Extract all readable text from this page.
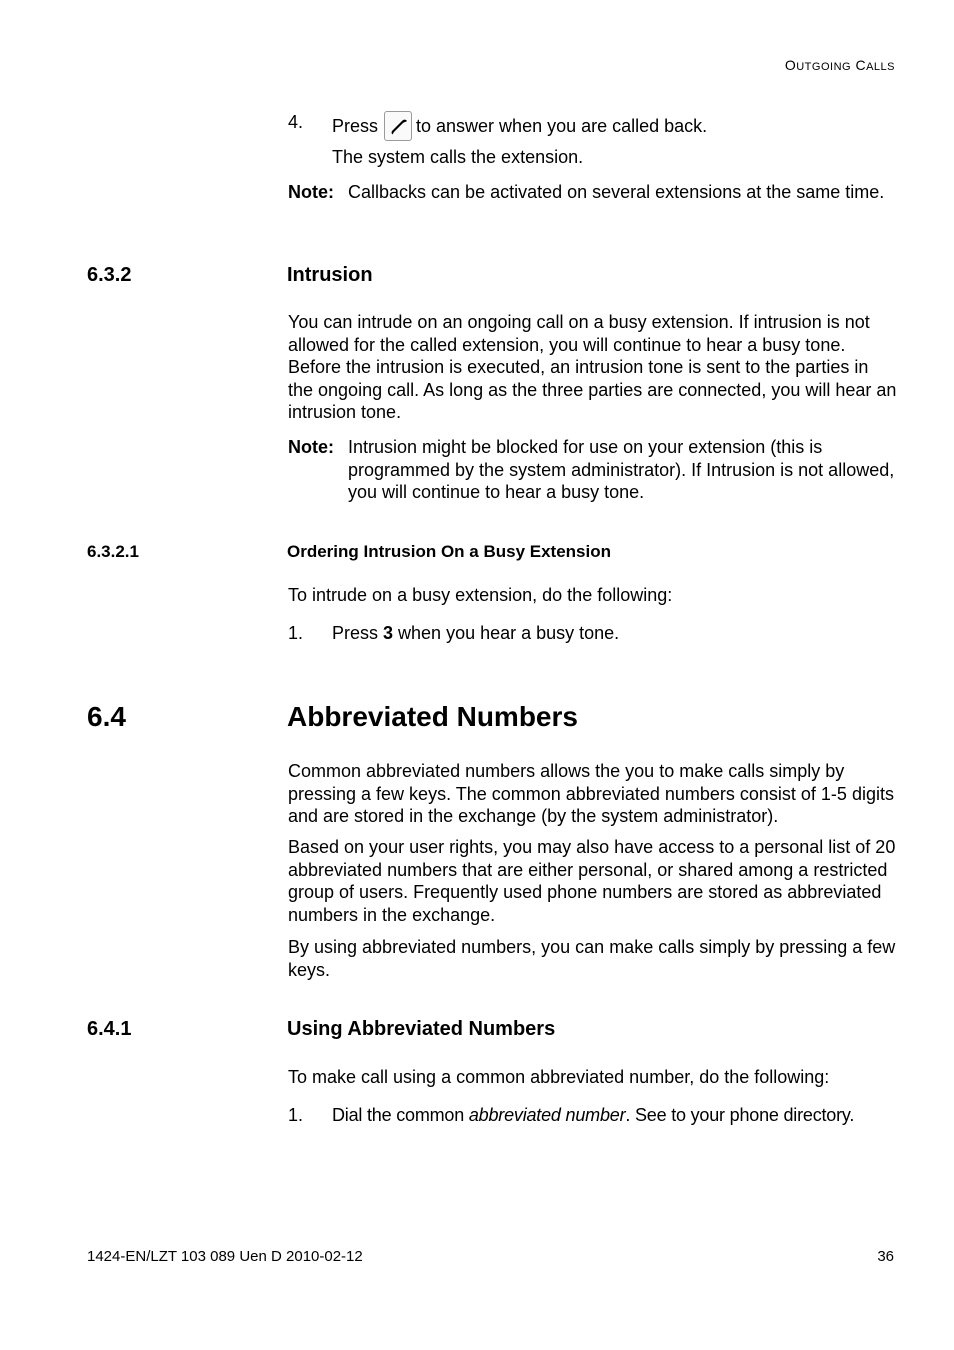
OUTGOING CALLS
4. Press to answer when you are called back.
The system calls the extension.
Note: Callbacks can be activated on several extensions at the same time.
6.3.2	Intrusion
You can intrude on an ongoing call on a busy extension. If intrusion is not allowed for the called extension, you will continue to hear a busy tone. Before the intrusion is executed, an intrusion tone is sent to the parties in the ongoing call. As long as the three parties are connected, you will hear an intrusion tone.
Note: Intrusion might be blocked for use on your extension (this is programmed by the system administrator). If Intrusion is not allowed, you will continue to hear a busy tone.
6.3.2.1	Ordering Intrusion On a Busy Extension
To intrude on a busy extension, do the following:
1. Press 3 when you hear a busy tone.
6.4	Abbreviated Numbers
Common abbreviated numbers allows the you to make calls simply by pressing a few keys. The common abbreviated numbers consist of 1-5 digits and are stored in the exchange (by the system administrator).
Based on your user rights, you may also have access to a personal list of 20 abbreviated numbers that are either personal, or shared among a restricted group of users. Frequently used phone numbers are stored as abbreviated numbers in the exchange.
By using abbreviated numbers, you can make calls simply by pressing a few keys.
6.4.1	Using Abbreviated Numbers
To make call using a common abbreviated number, do the following:
1. Dial the common abbreviated number. See to your phone directory.
1424-EN/LZT 103 089 Uen D 2010-02-12	36
